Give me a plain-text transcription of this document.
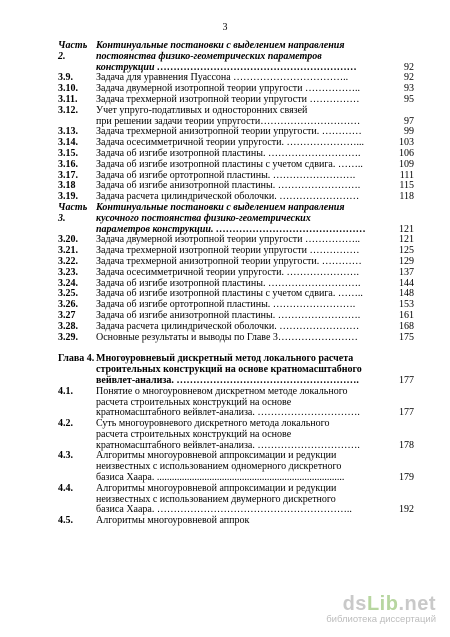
3
Часть 2.
Континуальные постановки с выделением направления
постоянства физико-геометрических параметров
конструкции ……………………………………………………	92
3.9.	Задача для уравнения Пуассона ……………………………..	92
3.10.	Задача двумерной изотропной теории упругости ……………..	93
3.11.	Задача трехмерной изотропной теории упругости ……………	95
3.12.	Учет упруго-податливых и односторонних связей
при решении задачи теории упругости…………………………	97
3.13.	Задача трехмерной анизотропной теории упругости. …………	99
3.14.	Задача осесимметричной теории упругости. …………………...	103
3.15.	Задача об изгибе изотропной пластины. ……………………….	106
3.16.	Задача об изгибе изотропной пластины с учетом сдвига. ……..	109
3.17.	Задача об изгибе ортотропной пластины. …………………….	111
3.18	Задача об изгибе анизотропной пластины. …………………….	115
3.19.	Задача расчета цилиндрической оболочки. ……………………	118
Часть 3.
Континуальные постановки с выделением направления
кусочного постоянства физико-геометрических
параметров конструкции. ………………………………………	121
3.20.	Задача двумерной изотропной теории упругости ……………..	121
3.21.	Задача трехмерной изотропной теории упругости ……………	125
3.22.	Задача трехмерной анизотропной теории упругости. …………	129
3.23.	Задача осесимметричной теории упругости. ………………….	137
3.24.	Задача об изгибе изотропной пластины. ……………………….	144
3.25.	Задача об изгибе изотропной пластины с учетом сдвига. ……..	148
3.26.	Задача об изгибе ортотропной пластины. …………………….	153
3.27	Задача об изгибе анизотропной пластины. …………………….	161
3.28.	Задача расчета цилиндрической оболочки. ……………………	168
3.29.	Основные результаты и выводы по Главе 3……………………	175
Глава 4. Многоуровневый дискретный метод локального расчета
строительных конструкций на основе кратномасштабного
вейвлет-анализа. ……………………………………………….	177
4.1.	Понятие о многоуровневом дискретном методе локального
расчета строительных конструкций на основе
кратномасштабного вейвлет-анализа. ………………………….	177
4.2.	Суть многоуровневого дискретного метода локального
расчета строительных конструкций на основе
кратномасштабного вейвлет-анализа. ………………………….	178
4.3.	Алгоритмы многоуровневой аппроксимации и редукции
неизвестных с использованием одномерного дискретного
базиса Хаара. ...........................................................................	179
4.4.	Алгоритмы многоуровневой аппроксимации и редукции
неизвестных с использованием двумерного дискретного
базиса Хаара. …………………………………………………..	192
4.5.	Алгоритмы многоуровневой аппрок
dsLib.net
библиотека диссертаций
